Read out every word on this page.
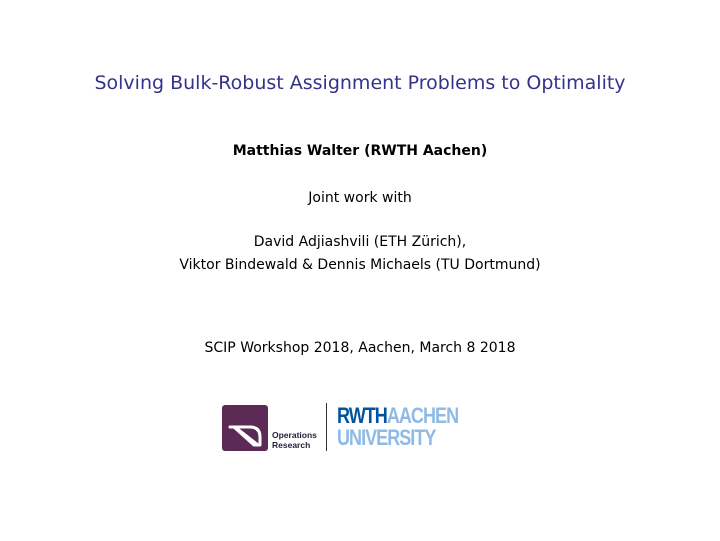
Solving Bulk-Robust Assignment Problems to Optimality
Matthias Walter (RWTH Aachen)
Joint work with
David Adjiashvili (ETH Zürich),
Viktor Bindewald & Dennis Michaels (TU Dortmund)
SCIP Workshop 2018, Aachen, March 8 2018
Operations
Research
RWTHAACHEN
UNIVERSITY
